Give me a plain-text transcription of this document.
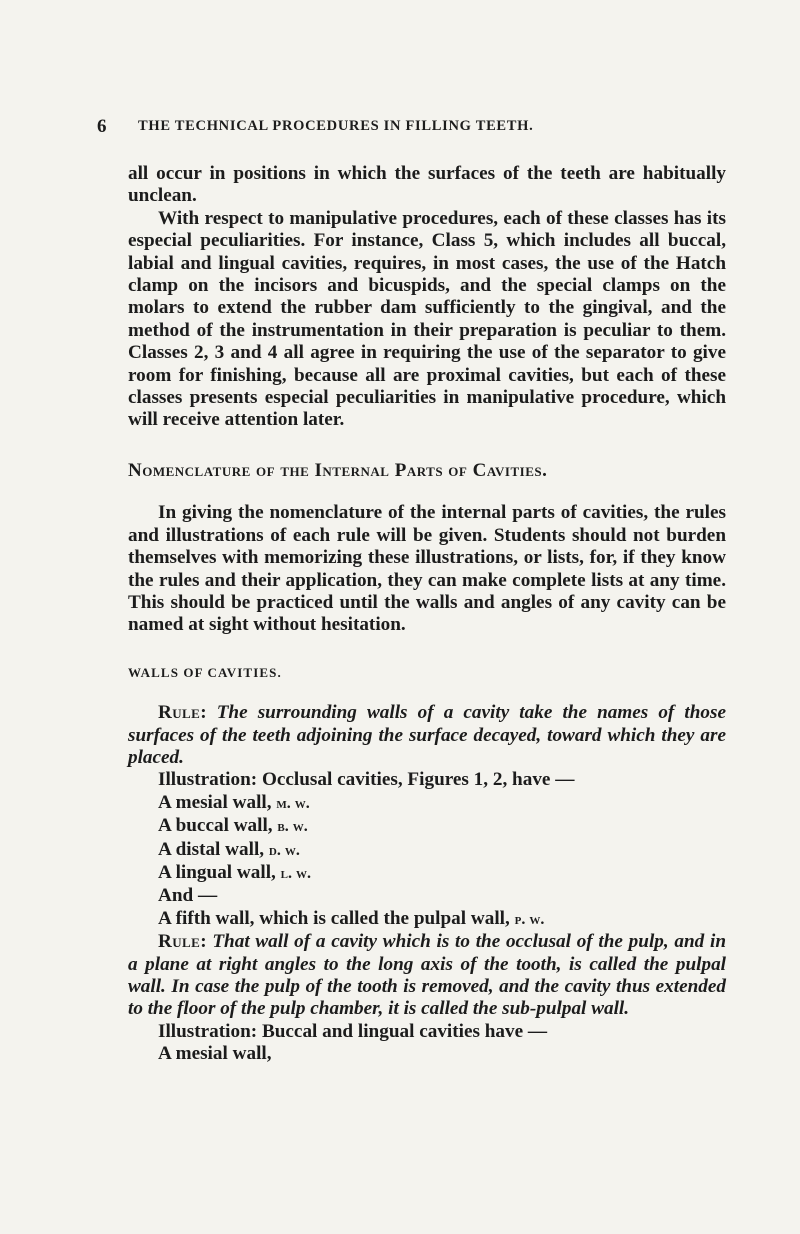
6 THE TECHNICAL PROCEDURES IN FILLING TEETH.

all occur in positions in which the surfaces of the teeth are habitually unclean.

With respect to manipulative procedures, each of these classes has its especial peculiarities. For instance, Class 5, which includes all buccal, labial and lingual cavities, requires, in most cases, the use of the Hatch clamp on the incisors and bicuspids, and the special clamps on the molars to extend the rubber dam sufficiently to the gingival, and the method of the instrumentation in their preparation is peculiar to them. Classes 2, 3 and 4 all agree in requiring the use of the separator to give room for finishing, because all are proximal cavities, but each of these classes presents especial peculiarities in manipulative procedure, which will receive attention later.

Nomenclature of the Internal Parts of Cavities.

In giving the nomenclature of the internal parts of cavities, the rules and illustrations of each rule will be given. Students should not burden themselves with memorizing these illustrations, or lists, for, if they know the rules and their application, they can make complete lists at any time. This should be practiced until the walls and angles of any cavity can be named at sight without hesitation.

WALLS OF CAVITIES.

Rule: The surrounding walls of a cavity take the names of those surfaces of the teeth adjoining the surface decayed, toward which they are placed.

Illustration: Occlusal cavities, Figures 1, 2, have —

A mesial wall, m. w.

A buccal wall, b. w.

A distal wall, d. w.

A lingual wall, l. w.

And —

A fifth wall, which is called the pulpal wall, p. w.

Rule: That wall of a cavity which is to the occlusal of the pulp, and in a plane at right angles to the long axis of the tooth, is called the pulpal wall. In case the pulp of the tooth is removed, and the cavity thus extended to the floor of the pulp chamber, it is called the sub-pulpal wall.

Illustration: Buccal and lingual cavities have —

A mesial wall,
